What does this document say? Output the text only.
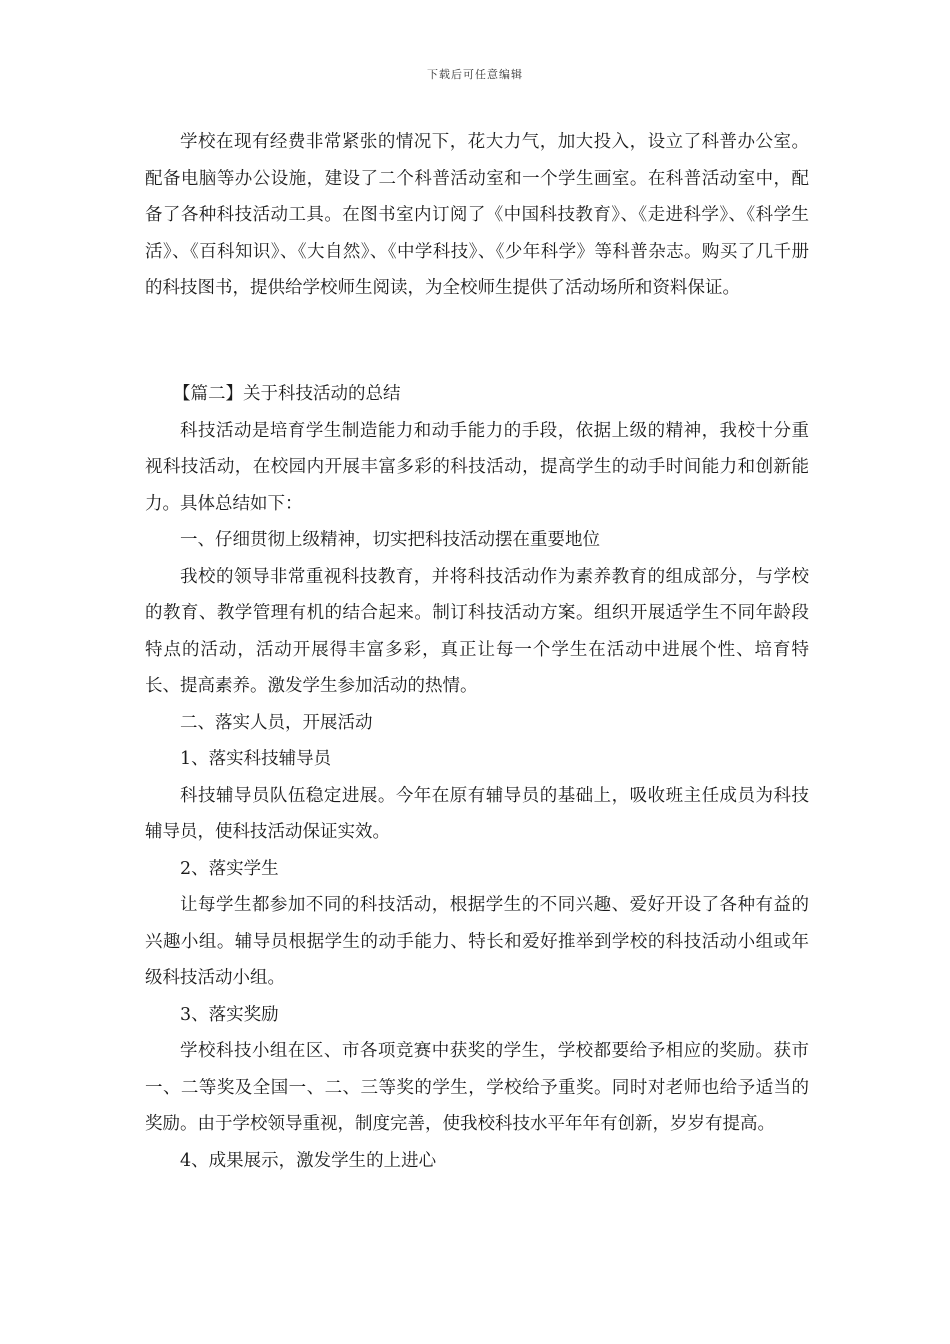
下载后可任意编辑

学校在现有经费非常紧张的情况下，花大力气，加大投入，设立了科普办公室。配备电脑等办公设施，建设了二个科普活动室和一个学生画室。在科普活动室中，配备了各种科技活动工具。在图书室内订阅了《中国科技教育》、《走进科学》、《科学生活》、《百科知识》、《大自然》、《中学科技》、《少年科学》等科普杂志。购买了几千册的科技图书，提供给学校师生阅读，为全校师生提供了活动场所和资料保证。

【篇二】关于科技活动的总结

科技活动是培育学生制造能力和动手能力的手段，依据上级的精神，我校十分重视科技活动，在校园内开展丰富多彩的科技活动，提高学生的动手时间能力和创新能力。具体总结如下：

一、仔细贯彻上级精神，切实把科技活动摆在重要地位

我校的领导非常重视科技教育，并将科技活动作为素养教育的组成部分，与学校的教育、教学管理有机的结合起来。制订科技活动方案。组织开展适学生不同年龄段特点的活动，活动开展得丰富多彩，真正让每一个学生在活动中进展个性、培育特长、提高素养。激发学生参加活动的热情。

二、落实人员，开展活动

1、落实科技辅导员

科技辅导员队伍稳定进展。今年在原有辅导员的基础上，吸收班主任成员为科技辅导员，使科技活动保证实效。

2、落实学生

让每学生都参加不同的科技活动，根据学生的不同兴趣、爱好开设了各种有益的兴趣小组。辅导员根据学生的动手能力、特长和爱好推举到学校的科技活动小组或年级科技活动小组。

3、落实奖励

学校科技小组在区、市各项竞赛中获奖的学生，学校都要给予相应的奖励。获市一、二等奖及全国一、二、三等奖的学生，学校给予重奖。同时对老师也给予适当的奖励。由于学校领导重视，制度完善，使我校科技水平年年有创新，岁岁有提高。

4、成果展示，激发学生的上进心
